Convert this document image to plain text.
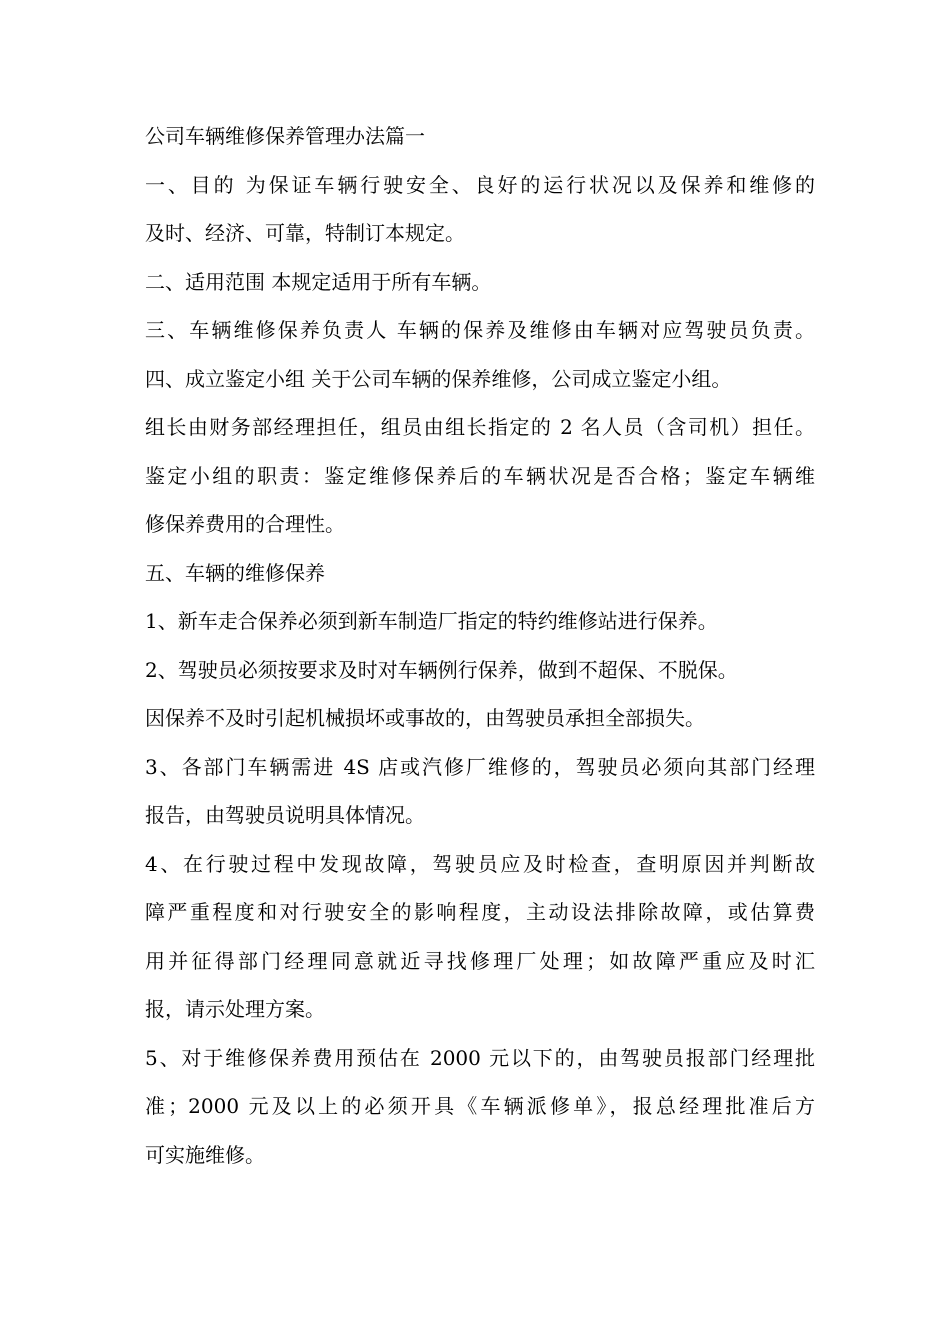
公司车辆维修保养管理办法篇一
一、目的 为保证车辆行驶安全、良好的运行状况以及保养和维修的
及时、经济、可靠，特制订本规定。
二、适用范围 本规定适用于所有车辆。
三、车辆维修保养负责人 车辆的保养及维修由车辆对应驾驶员负责。
四、成立鉴定小组 关于公司车辆的保养维修，公司成立鉴定小组。
组长由财务部经理担任，组员由组长指定的 2 名人员（含司机）担任。
鉴定小组的职责：鉴定维修保养后的车辆状况是否合格；鉴定车辆维
修保养费用的合理性。
五、车辆的维修保养
1、新车走合保养必须到新车制造厂指定的特约维修站进行保养。
2、驾驶员必须按要求及时对车辆例行保养，做到不超保、不脱保。
因保养不及时引起机械损坏或事故的，由驾驶员承担全部损失。
3、各部门车辆需进 4S 店或汽修厂维修的，驾驶员必须向其部门经理
报告，由驾驶员说明具体情况。
4、在行驶过程中发现故障，驾驶员应及时检查，查明原因并判断故
障严重程度和对行驶安全的影响程度，主动设法排除故障，或估算费
用并征得部门经理同意就近寻找修理厂处理；如故障严重应及时汇
报，请示处理方案。
5、对于维修保养费用预估在 2000 元以下的，由驾驶员报部门经理批
准；2000 元及以上的必须开具《车辆派修单》，报总经理批准后方
可实施维修。
